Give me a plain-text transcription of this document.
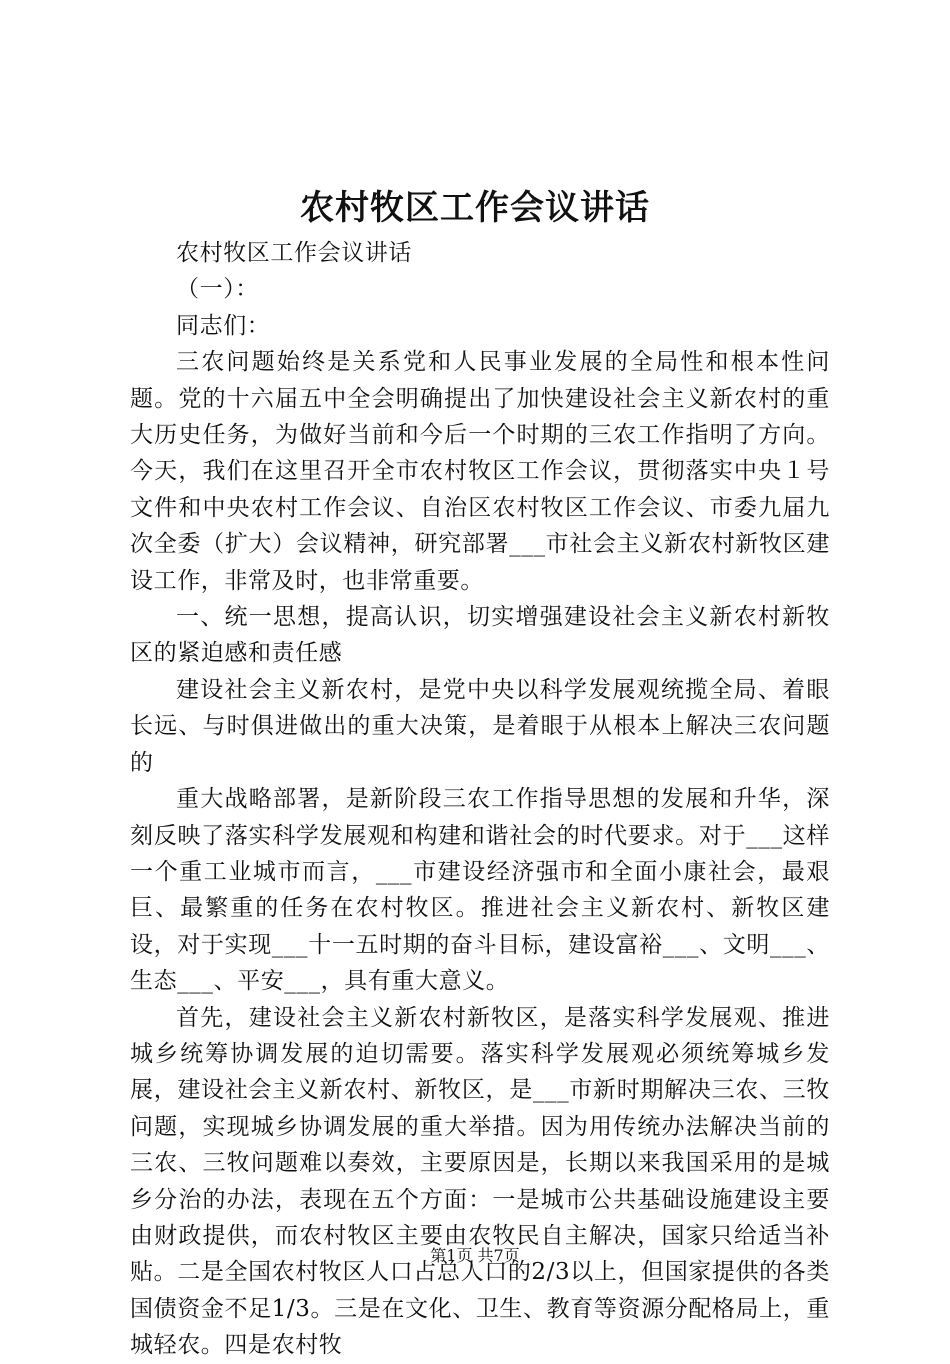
农村牧区工作会议讲话

农村牧区工作会议讲话

（一）：

同志们：

三农问题始终是关系党和人民事业发展的全局性和根本性问题。党的十六届五中全会明确提出了加快建设社会主义新农村的重大历史任务，为做好当前和今后一个时期的三农工作指明了方向。今天，我们在这里召开全市农村牧区工作会议，贯彻落实中央１号文件和中央农村工作会议、自治区农村牧区工作会议、市委九届九次全委（扩大）会议精神，研究部署___市社会主义新农村新牧区建设工作，非常及时，也非常重要。

一、统一思想，提高认识，切实增强建设社会主义新农村新牧区的紧迫感和责任感

建设社会主义新农村，是党中央以科学发展观统揽全局、着眼长远、与时俱进做出的重大决策，是着眼于从根本上解决三农问题的

重大战略部署，是新阶段三农工作指导思想的发展和升华，深刻反映了落实科学发展观和构建和谐社会的时代要求。对于___这样一个重工业城市而言，___市建设经济强市和全面小康社会，最艰巨、最繁重的任务在农村牧区。推进社会主义新农村、新牧区建设，对于实现___十一五时期的奋斗目标，建设富裕___、文明___、生态___、平安___，具有重大意义。

首先，建设社会主义新农村新牧区，是落实科学发展观、推进城乡统筹协调发展的迫切需要。落实科学发展观必须统筹城乡发展，建设社会主义新农村、新牧区，是___市新时期解决三农、三牧问题，实现城乡协调发展的重大举措。因为用传统办法解决当前的三农、三牧问题难以奏效，主要原因是，长期以来我国采用的是城乡分治的办法，表现在五个方面：一是城市公共基础设施建设主要由财政提供，而农村牧区主要由农牧民自主解决，国家只给适当补贴。二是全国农村牧区人口占总人口的2/3以上，但国家提供的各类国债资金不足1/3。三是在文化、卫生、教育等资源分配格局上，重城轻农。四是农村牧

第1页 共7页
